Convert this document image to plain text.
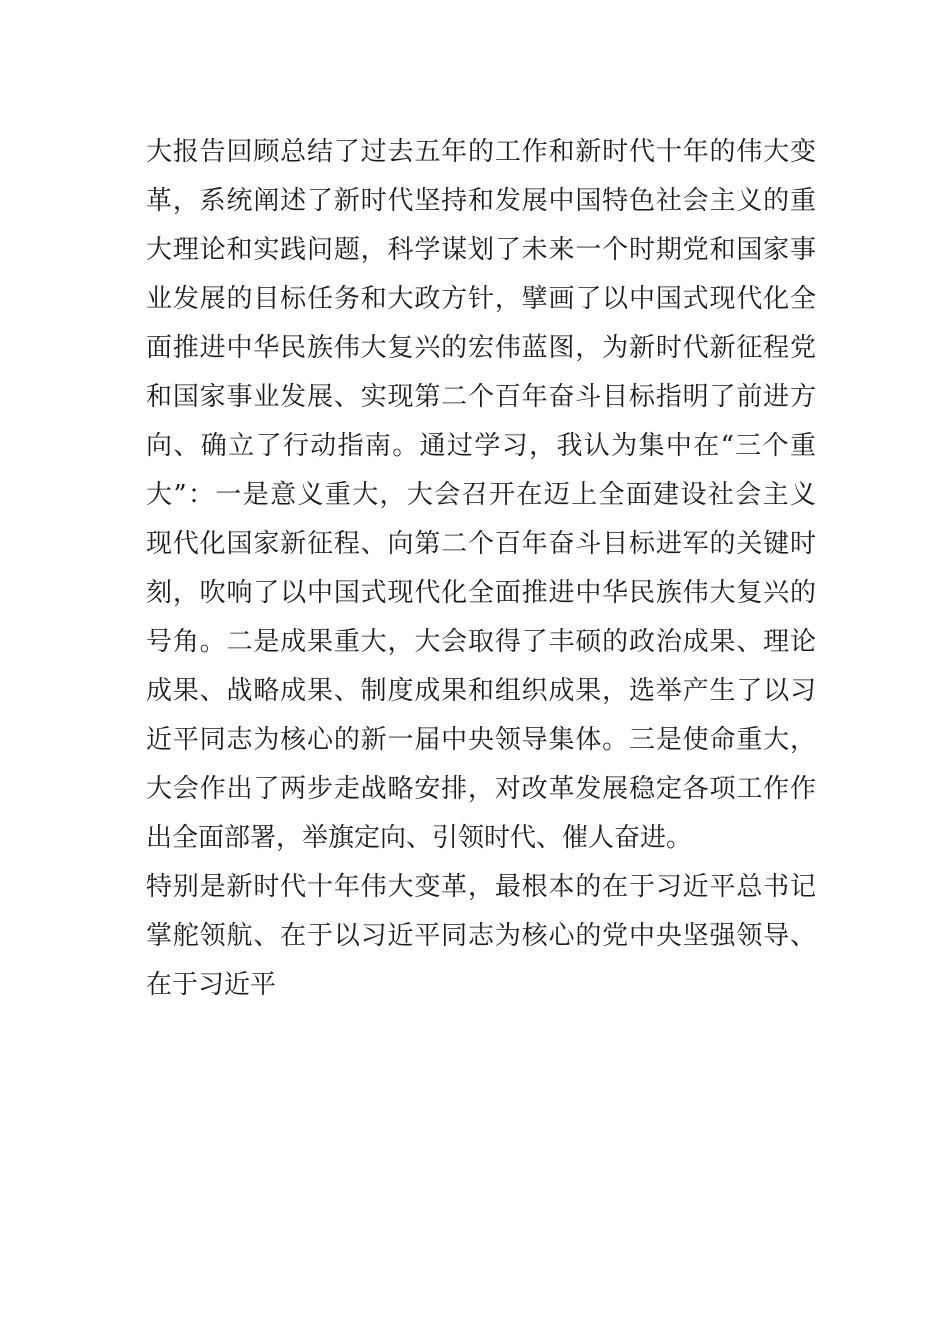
大报告回顾总结了过去五年的工作和新时代十年的伟大变
革，系统阐述了新时代坚持和发展中国特色社会主义的重
大理论和实践问题，科学谋划了未来一个时期党和国家事
业发展的目标任务和大政方针，擘画了以中国式现代化全
面推进中华民族伟大复兴的宏伟蓝图，为新时代新征程党
和国家事业发展、实现第二个百年奋斗目标指明了前进方
向、确立了行动指南。通过学习，我认为集中在“三个重
大”：一是意义重大，大会召开在迈上全面建设社会主义
现代化国家新征程、向第二个百年奋斗目标进军的关键时
刻，吹响了以中国式现代化全面推进中华民族伟大复兴的
号角。二是成果重大，大会取得了丰硕的政治成果、理论
成果、战略成果、制度成果和组织成果，选举产生了以习
近平同志为核心的新一届中央领导集体。三是使命重大，
大会作出了两步走战略安排，对改革发展稳定各项工作作
出全面部署，举旗定向、引领时代、催人奋进。
特别是新时代十年伟大变革，最根本的在于习近平总书记
掌舵领航、在于以习近平同志为核心的党中央坚强领导、
在于习近平
